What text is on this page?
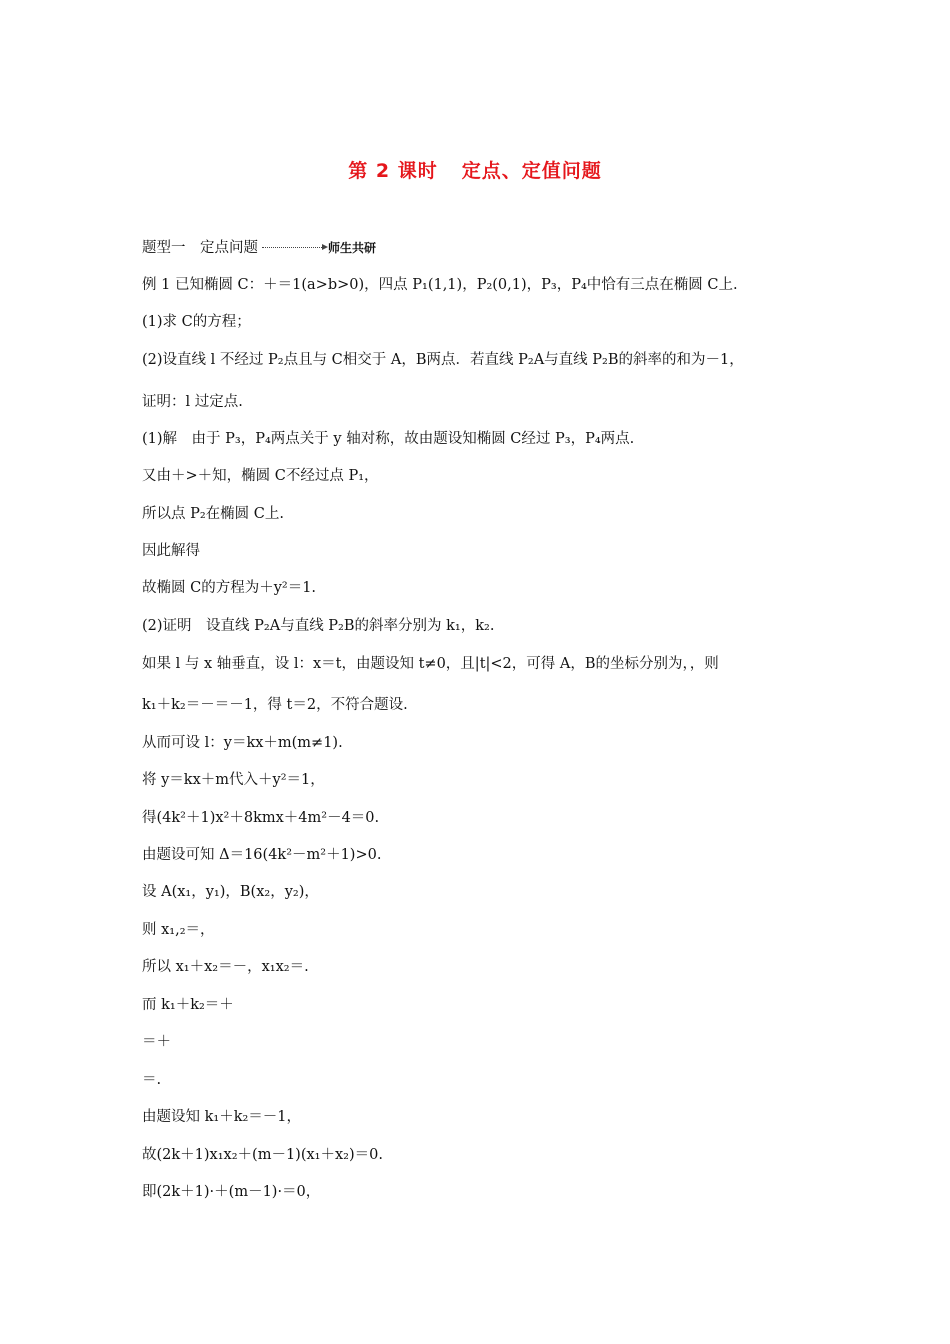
第 2 课时 定点、定值问题
题型一　定点问题	师生共研
例 1 已知椭圆 C：＋＝1(a>b>0)，四点 P₁(1,1)，P₂(0,1)，P₃，P₄中恰有三点在椭圆 C上.
(1)求 C的方程；
(2)设直线 l 不经过 P₂点且与 C相交于 A，B两点．若直线 P₂A与直线 P₂B的斜率的和为－1，
证明：l 过定点.
(1)解　由于 P₃，P₄两点关于 y 轴对称，故由题设知椭圆 C经过 P₃，P₄两点.
又由＋>＋知，椭圆 C不经过点 P₁，
所以点 P₂在椭圆 C上.
因此解得
故椭圆 C的方程为＋y²＝1.
(2)证明　设直线 P₂A与直线 P₂B的斜率分别为 k₁，k₂.
如果 l 与 x 轴垂直，设 l：x＝t，由题设知 t≠0，且|t|<2，可得 A，B的坐标分别为，，则
k₁＋k₂＝－＝－1，得 t＝2，不符合题设.
从而可设 l：y＝kx＋m(m≠1).
将 y＝kx＋m代入＋y²＝1，
得(4k²＋1)x²＋8kmx＋4m²－4＝0.
由题设可知 Δ＝16(4k²－m²＋1)>0.
设 A(x₁，y₁)，B(x₂，y₂)，
则 x₁,₂＝，
所以 x₁＋x₂＝－，x₁x₂＝.
而 k₁＋k₂＝＋
＝＋
＝.
由题设知 k₁＋k₂＝－1，
故(2k＋1)x₁x₂＋(m－1)(x₁＋x₂)＝0.
即(2k＋1)·＋(m－1)·＝0，
